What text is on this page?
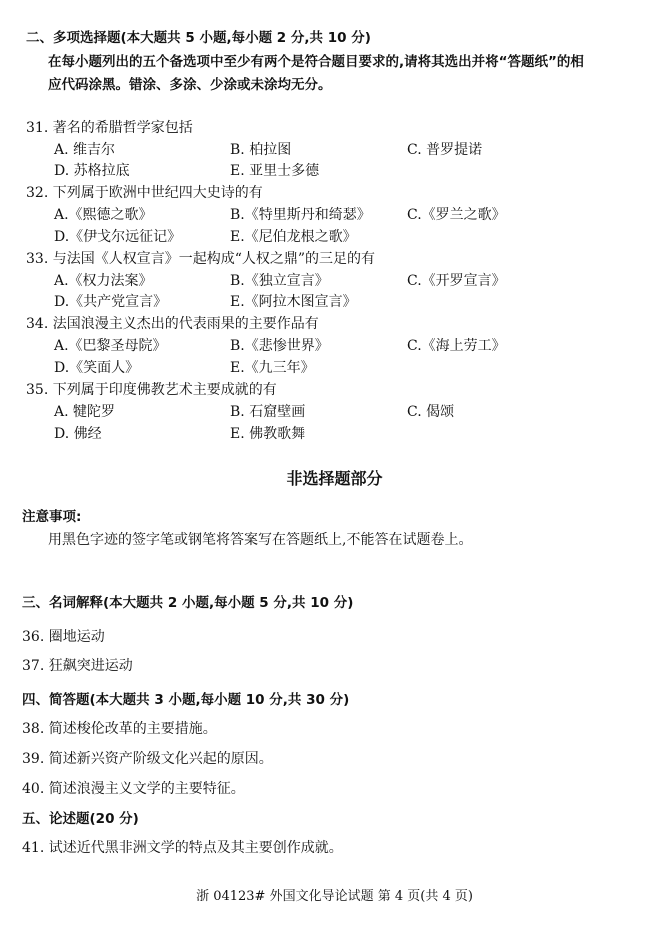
二、多项选择题(本大题共 5 小题,每小题 2 分,共 10 分)
在每小题列出的五个备选项中至少有两个是符合题目要求的,请将其选出并将“答题纸”的相
应代码涂黑。错涂、多涂、少涂或未涂均无分。
31. 著名的希腊哲学家包括
A. 维吉尔	B. 柏拉图	C. 普罗提诺
D. 苏格拉底	E. 亚里士多德
32. 下列属于欧洲中世纪四大史诗的有
A.《熙德之歌》	B.《特里斯丹和绮瑟》	C.《罗兰之歌》
D.《伊戈尔远征记》	E.《尼伯龙根之歌》
33. 与法国《人权宣言》一起构成“人权之鼎”的三足的有
A.《权力法案》	B.《独立宣言》	C.《开罗宣言》
D.《共产党宣言》	E.《阿拉木图宣言》
34. 法国浪漫主义杰出的代表雨果的主要作品有
A.《巴黎圣母院》	B.《悲惨世界》	C.《海上劳工》
D.《笑面人》	E.《九三年》
35. 下列属于印度佛教艺术主要成就的有
A. 犍陀罗	B. 石窟壁画	C. 偈颂
D. 佛经	E. 佛教歌舞
非选择题部分
注意事项:
用黑色字迹的签字笔或钢笔将答案写在答题纸上,不能答在试题卷上。
三、名词解释(本大题共 2 小题,每小题 5 分,共 10 分)
36. 圈地运动
37. 狂飙突进运动
四、简答题(本大题共 3 小题,每小题 10 分,共 30 分)
38. 简述梭伦改革的主要措施。
39. 简述新兴资产阶级文化兴起的原因。
40. 简述浪漫主义文学的主要特征。
五、论述题(20 分)
41. 试述近代黑非洲文学的特点及其主要创作成就。
浙 04123# 外国文化导论试题 第 4 页(共 4 页)
